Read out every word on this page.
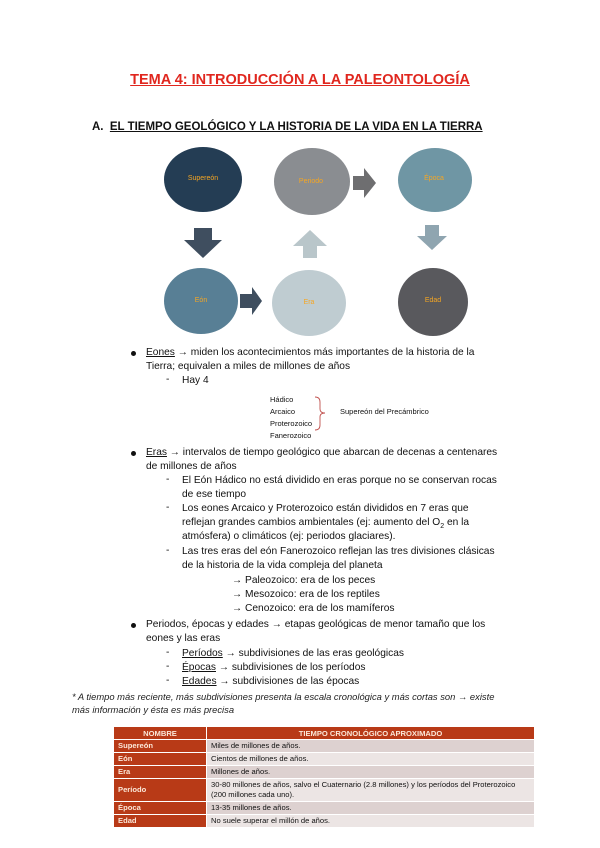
TEMA 4: INTRODUCCIÓN A LA PALEONTOLOGÍA
A. EL TIEMPO GEOLÓGICO Y LA HISTORIA DE LA VIDA EN LA TIERRA
Supereón	Periodo	Época
Eón	Era	Edad
Eones → miden los acontecimientos más importantes de la historia de la
Tierra; equivalen a miles de millones de años
- Hay 4
Hádico
Arcaico
Proterozoico
Fanerozoico
Supereón del Precámbrico
Eras → intervalos de tiempo geológico que abarcan de decenas a centenares
de millones de años
- El Eón Hádico no está dividido en eras porque no se conservan rocas
de ese tiempo
- Los eones Arcaico y Proterozoico están divididos en 7 eras que
reflejan grandes cambios ambientales (ej: aumento del $O_2$ en la
atmósfera) o climáticos (ej: periodos glaciares).
- Las tres eras del eón Fanerozoico reflejan las tres divisiones clásicas
de la historia de la vida compleja del planeta
→ Paleozoico: era de los peces
→ Mesozoico: era de los reptiles
→ Cenozoico: era de los mamíferos
Periodos, épocas y edades → etapas geológicas de menor tamaño que los
eones y las eras
- Períodos → subdivisiones de las eras geológicas
- Épocas → subdivisiones de los períodos
- Edades → subdivisiones de las épocas
* A tiempo más reciente, más subdivisiones presenta la escala cronológica y más cortas son → existe
más información y ésta es más precisa
NOMBRE	TIEMPO CRONOLÓGICO APROXIMADO
Supereón	Miles de millones de años.
Eón	Cientos de millones de años.
Era	Millones de años.
Período	30-80 millones de años, salvo el Cuaternario (2.8 millones) y los períodos del Proterozoico (200 millones cada uno).
Época	13-35 millones de años.
Edad	No suele superar el millón de años.
